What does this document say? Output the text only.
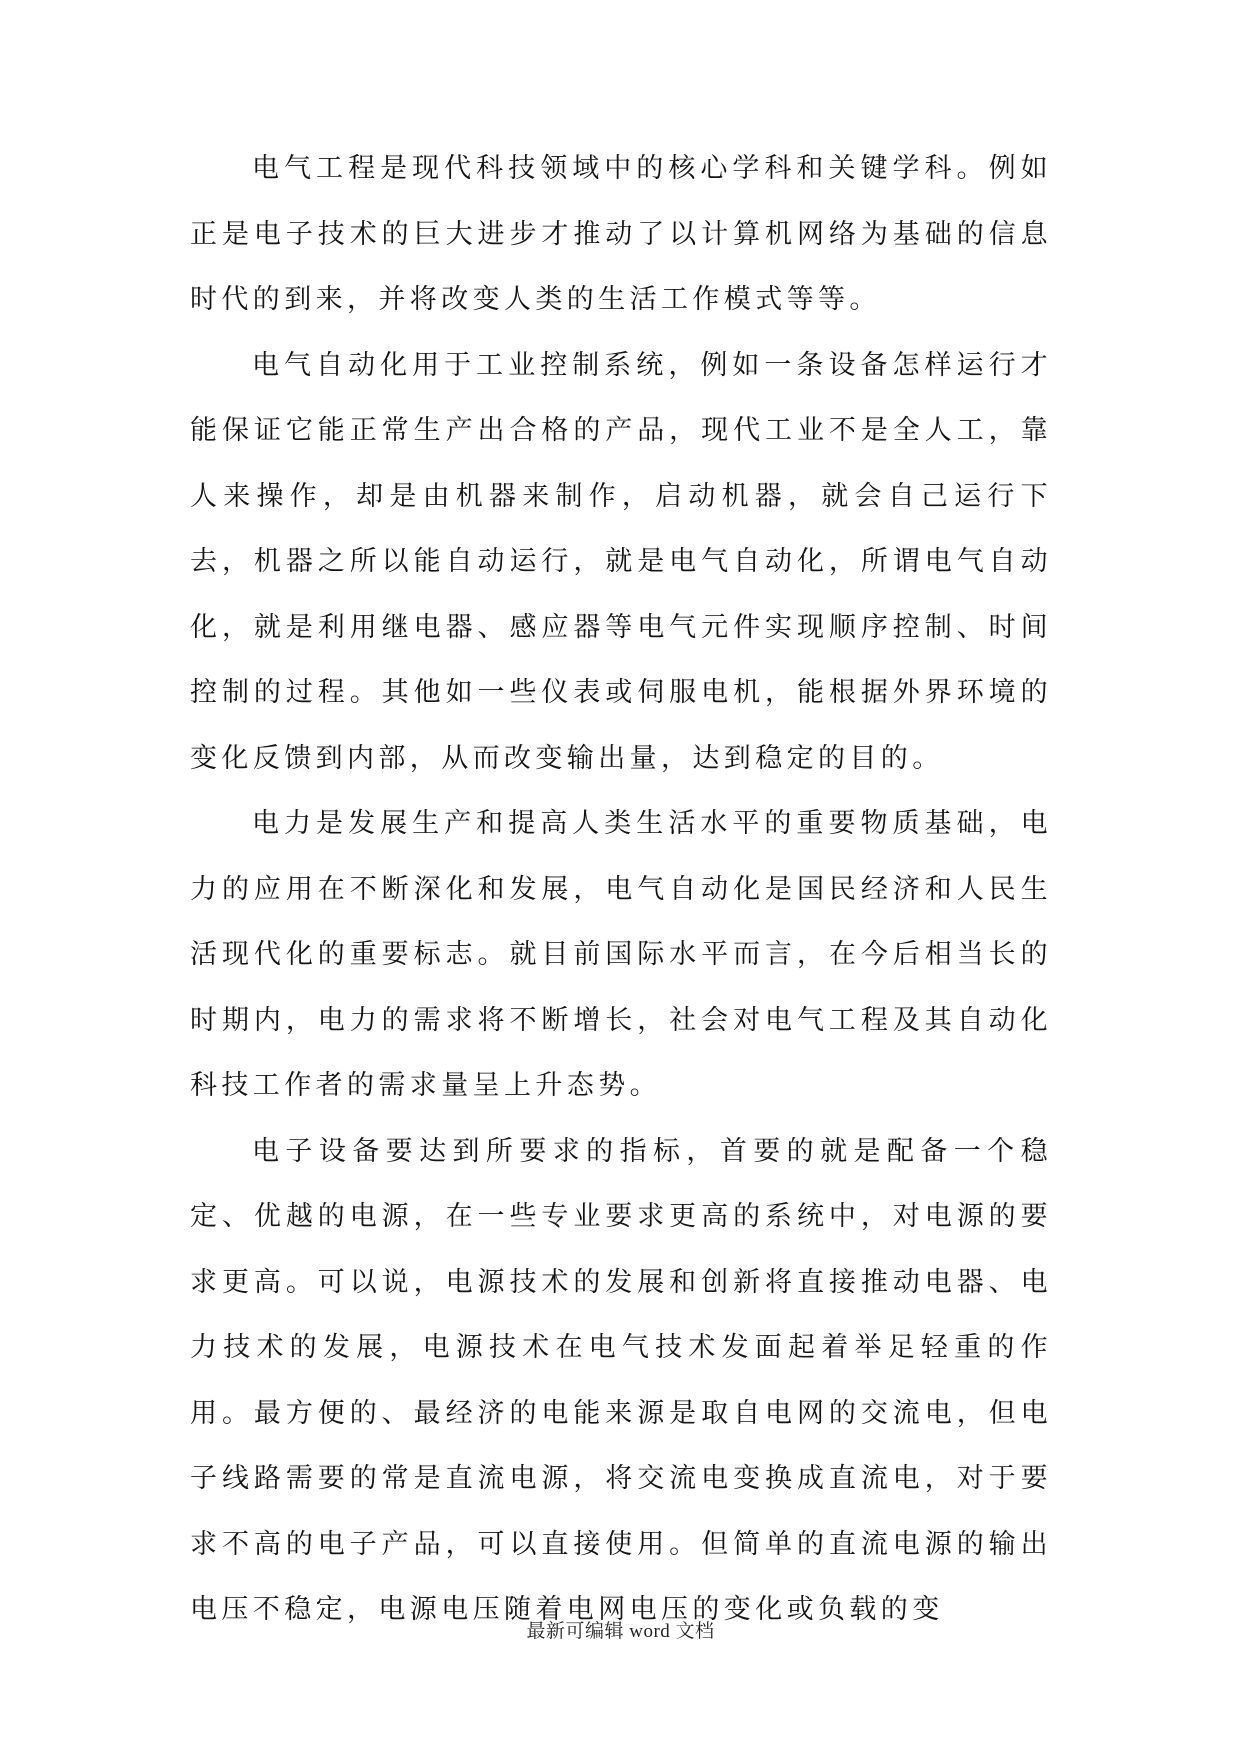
电气工程是现代科技领域中的核心学科和关键学科。例如正是电子技术的巨大进步才推动了以计算机网络为基础的信息时代的到来，并将改变人类的生活工作模式等等。

电气自动化用于工业控制系统，例如一条设备怎样运行才能保证它能正常生产出合格的产品，现代工业不是全人工，靠人来操作，却是由机器来制作，启动机器，就会自己运行下去，机器之所以能自动运行，就是电气自动化，所谓电气自动化，就是利用继电器、感应器等电气元件实现顺序控制、时间控制的过程。其他如一些仪表或伺服电机，能根据外界环境的变化反馈到内部，从而改变输出量，达到稳定的目的。

电力是发展生产和提高人类生活水平的重要物质基础，电力的应用在不断深化和发展，电气自动化是国民经济和人民生活现代化的重要标志。就目前国际水平而言，在今后相当长的时期内，电力的需求将不断增长，社会对电气工程及其自动化科技工作者的需求量呈上升态势。

电子设备要达到所要求的指标，首要的就是配备一个稳定、优越的电源，在一些专业要求更高的系统中，对电源的要求更高。可以说，电源技术的发展和创新将直接推动电器、电力技术的发展，电源技术在电气技术发面起着举足轻重的作用。最方便的、最经济的电能来源是取自电网的交流电，但电子线路需要的常是直流电源，将交流电变换成直流电，对于要求不高的电子产品，可以直接使用。但简单的直流电源的输出电压不稳定，电源电压随着电网电压的变化或负载的变

最新可编辑 word 文档
